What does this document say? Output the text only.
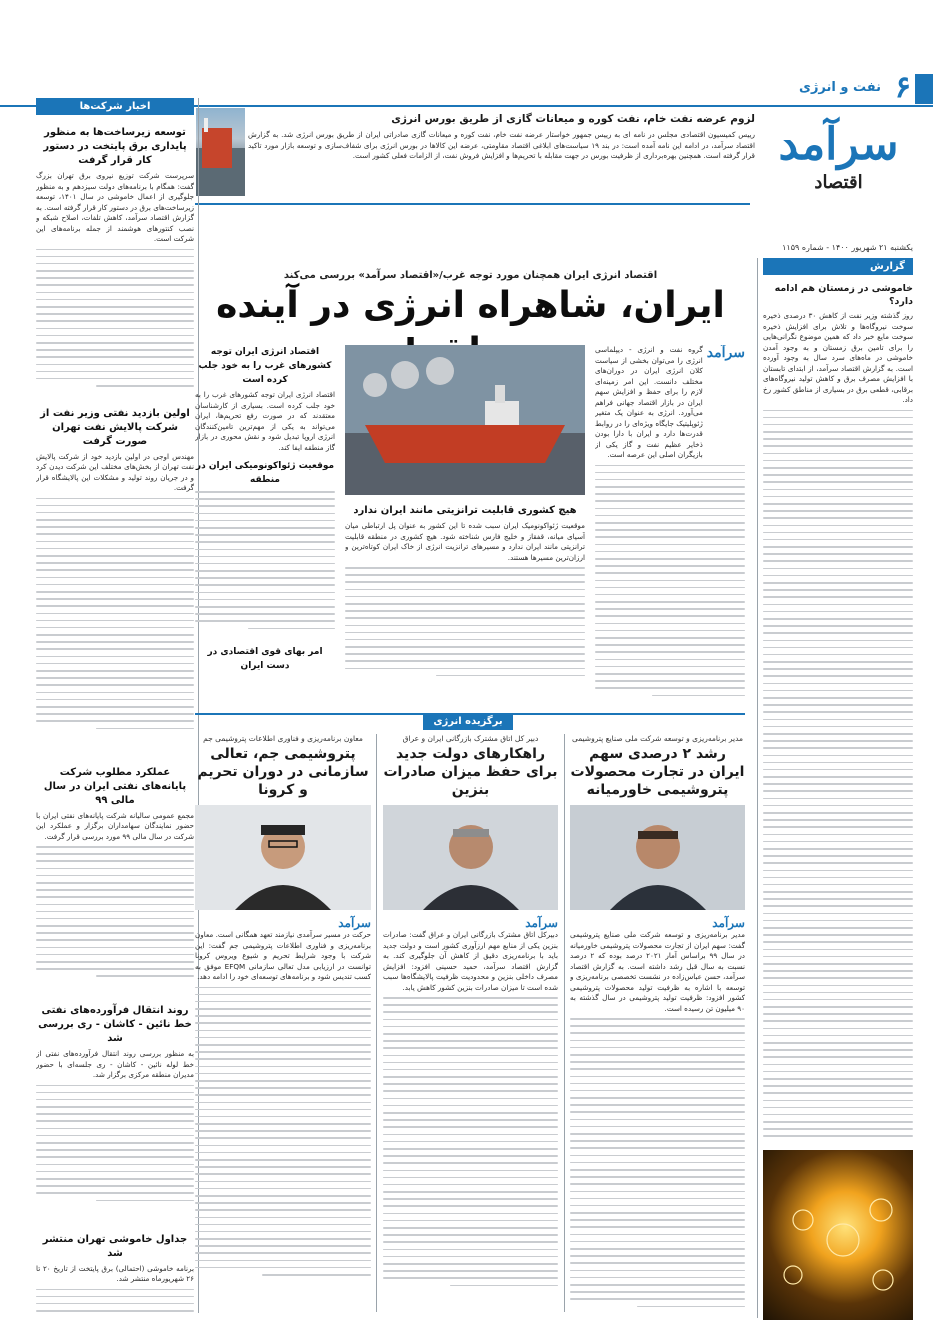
۶
نفت و انرژی
سرآمد
اقتصاد
یکشنبه ۲۱ شهریور ۱۴۰۰ - شماره ۱۱۵۹
لزوم عرضه نفت خام، نفت کوره و میعانات گازی از طریق بورس انرژی
رییس کمیسیون اقتصادی مجلس در نامه ای به رییس جمهور خواستار عرضه نفت خام، نفت کوره و میعانات گازی صادراتی ایران از طریق بورس انرژی شد. به گزارش اقتصاد سرآمد، در ادامه این نامه آمده است: در بند ۱۹ سیاست‌های ابلاغی اقتصاد مقاومتی، عرضه این کالاها در بورس انرژی برای شفاف‌سازی و توسعه بازار مورد تاکید قرار گرفته است. همچنین بهره‌برداری از ظرفیت بورس در جهت مقابله با تحریم‌ها و افزایش فروش نفت، از الزامات فعلی کشور است.
اخبار شرکت‌ها
توسعه زیرساخت‌ها به منظور پایداری برق پایتخت در دستور کار قرار گرفت
سرپرست شرکت توزیع نیروی برق تهران بزرگ گفت: همگام با برنامه‌های دولت سیزدهم و به منظور جلوگیری از اعمال خاموشی در سال ۱۴۰۱، توسعه زیرساخت‌های برق در دستور کار قرار گرفته است. به گزارش اقتصاد سرآمد، کاهش تلفات، اصلاح شبکه و نصب کنتورهای هوشمند از جمله برنامه‌های این شرکت است.
اولین بازدید نفتی وزیر نفت از شرکت پالایش نفت تهران صورت گرفت
مهندس اوجی در اولین بازدید خود از شرکت پالایش نفت تهران از بخش‌های مختلف این شرکت دیدن کرد و در جریان روند تولید و مشکلات این پالایشگاه قرار گرفت.
عملکرد مطلوب شرکت پایانه‌های نفتی ایران در سال مالی ۹۹
مجمع عمومی سالیانه شرکت پایانه‌های نفتی ایران با حضور نمایندگان سهامداران برگزار و عملکرد این شرکت در سال مالی ۹۹ مورد بررسی قرار گرفت.
روند انتقال فرآورده‌های نفتی خط نائین - کاشان - ری بررسی شد
به منظور بررسی روند انتقال فرآورده‌های نفتی از خط لوله نائین - کاشان - ری جلسه‌ای با حضور مدیران منطقه مرکزی برگزار شد.
جداول خاموشی تهران منتشر شد
برنامه خاموشی (احتمالی) برق پایتخت از تاریخ ۲۰ تا ۲۶ شهریورماه منتشر شد.
گزارش
خاموشی در زمستان هم ادامه دارد؟
روز گذشته وزیر نفت از کاهش ۳۰ درصدی ذخیره سوخت نیروگاه‌ها و تلاش برای افزایش ذخیره سوخت مایع خبر داد که همین موضوع نگرانی‌هایی را برای تامین برق زمستان و به وجود آمدن خاموشی در ماه‌های سرد سال به وجود آورده است. به گزارش اقتصاد سرآمد، از ابتدای تابستان با افزایش مصرف برق و کاهش تولید نیروگاه‌های برقابی، قطعی برق در بسیاری از مناطق کشور رخ داد.
اقتصاد انرژی ایران همچنان مورد توجه غرب/«اقتصاد سرآمد» بررسی می‌کند
ایران، شاهراه انرژی در آینده
سرآمد
گروه نفت و انرژی - دیپلماسی انرژی را می‌توان بخشی از سیاست کلان انرژی ایران در دوران‌های مختلف دانست. این امر زمینه‌ای لازم را برای حفظ و افزایش سهم ایران در بازار اقتصاد جهانی فراهم می‌آورد. انرژی به عنوان یک متغیر ژئوپلیتیک جایگاه ویژه‌ای را در روابط قدرت‌ها دارد و ایران با دارا بودن ذخایر عظیم نفت و گاز یکی از بازیگران اصلی این عرصه است.
هیچ کشوری قابلیت ترانزیتی مانند ایران ندارد
موقعیت ژئواکونومیک ایران سبب شده تا این کشور به عنوان پل ارتباطی میان آسیای میانه، قفقاز و خلیج فارس شناخته شود. هیچ کشوری در منطقه قابلیت ترانزیتی مانند ایران ندارد و مسیرهای ترانزیت انرژی از خاک ایران کوتاه‌ترین و ارزان‌ترین مسیرها هستند.
اقتصاد انرژی ایران توجه کشورهای غرب را به خود جلب کرده است
اقتصاد انرژی ایران توجه کشورهای غرب را به خود جلب کرده است. بسیاری از کارشناسان معتقدند که در صورت رفع تحریم‌ها، ایران می‌تواند به یکی از مهم‌ترین تامین‌کنندگان انرژی اروپا تبدیل شود و نقش محوری در بازار گاز منطقه ایفا کند.
موقعیت ژئواکونومیکی ایران در منطقه
امر بهای قوی اقتصادی در دست ایران
برگزیده انرژی
مدیر برنامه‌ریزی و توسعه شرکت ملی صنایع پتروشیمی
رشد ۲ درصدی سهم ایران در تجارت محصولات پتروشیمی خاورمیانه
سرآمد
مدیر برنامه‌ریزی و توسعه شرکت ملی صنایع پتروشیمی گفت: سهم ایران از تجارت محصولات پتروشیمی خاورمیانه در سال ۹۹ براساس آمار ۲۰۲۱ درصد بوده که ۲ درصد نسبت به سال قبل رشد داشته است. به گزارش اقتصاد سرآمد، حسن عباس‌زاده در نشست تخصصی برنامه‌ریزی و توسعه با اشاره به ظرفیت تولید محصولات پتروشیمی کشور افزود: ظرفیت تولید پتروشیمی در سال گذشته به ۹۰ میلیون تن رسیده است.
دبیر کل اتاق مشترک بازرگانی ایران و عراق
راهکارهای دولت جدید برای حفظ میزان صادرات بنزین
سرآمد
دبیرکل اتاق مشترک بازرگانی ایران و عراق گفت: صادرات بنزین یکی از منابع مهم ارزآوری کشور است و دولت جدید باید با برنامه‌ریزی دقیق از کاهش آن جلوگیری کند. به گزارش اقتصاد سرآمد، حمید حسینی افزود: افزایش مصرف داخلی بنزین و محدودیت ظرفیت پالایشگاه‌ها سبب شده است تا میزان صادرات بنزین کشور کاهش یابد.
معاون برنامه‌ریزی و فناوری اطلاعات پتروشیمی جم
پتروشیمی جم، تعالی سازمانی در دوران تحریم و کرونا
سرآمد
حرکت در مسیر سرآمدی نیازمند تعهد همگانی است. معاون برنامه‌ریزی و فناوری اطلاعات پتروشیمی جم گفت: این شرکت با وجود شرایط تحریم و شیوع ویروس کرونا توانست در ارزیابی مدل تعالی سازمانی EFQM موفق به کسب تندیس شود و برنامه‌های توسعه‌ای خود را ادامه دهد.
